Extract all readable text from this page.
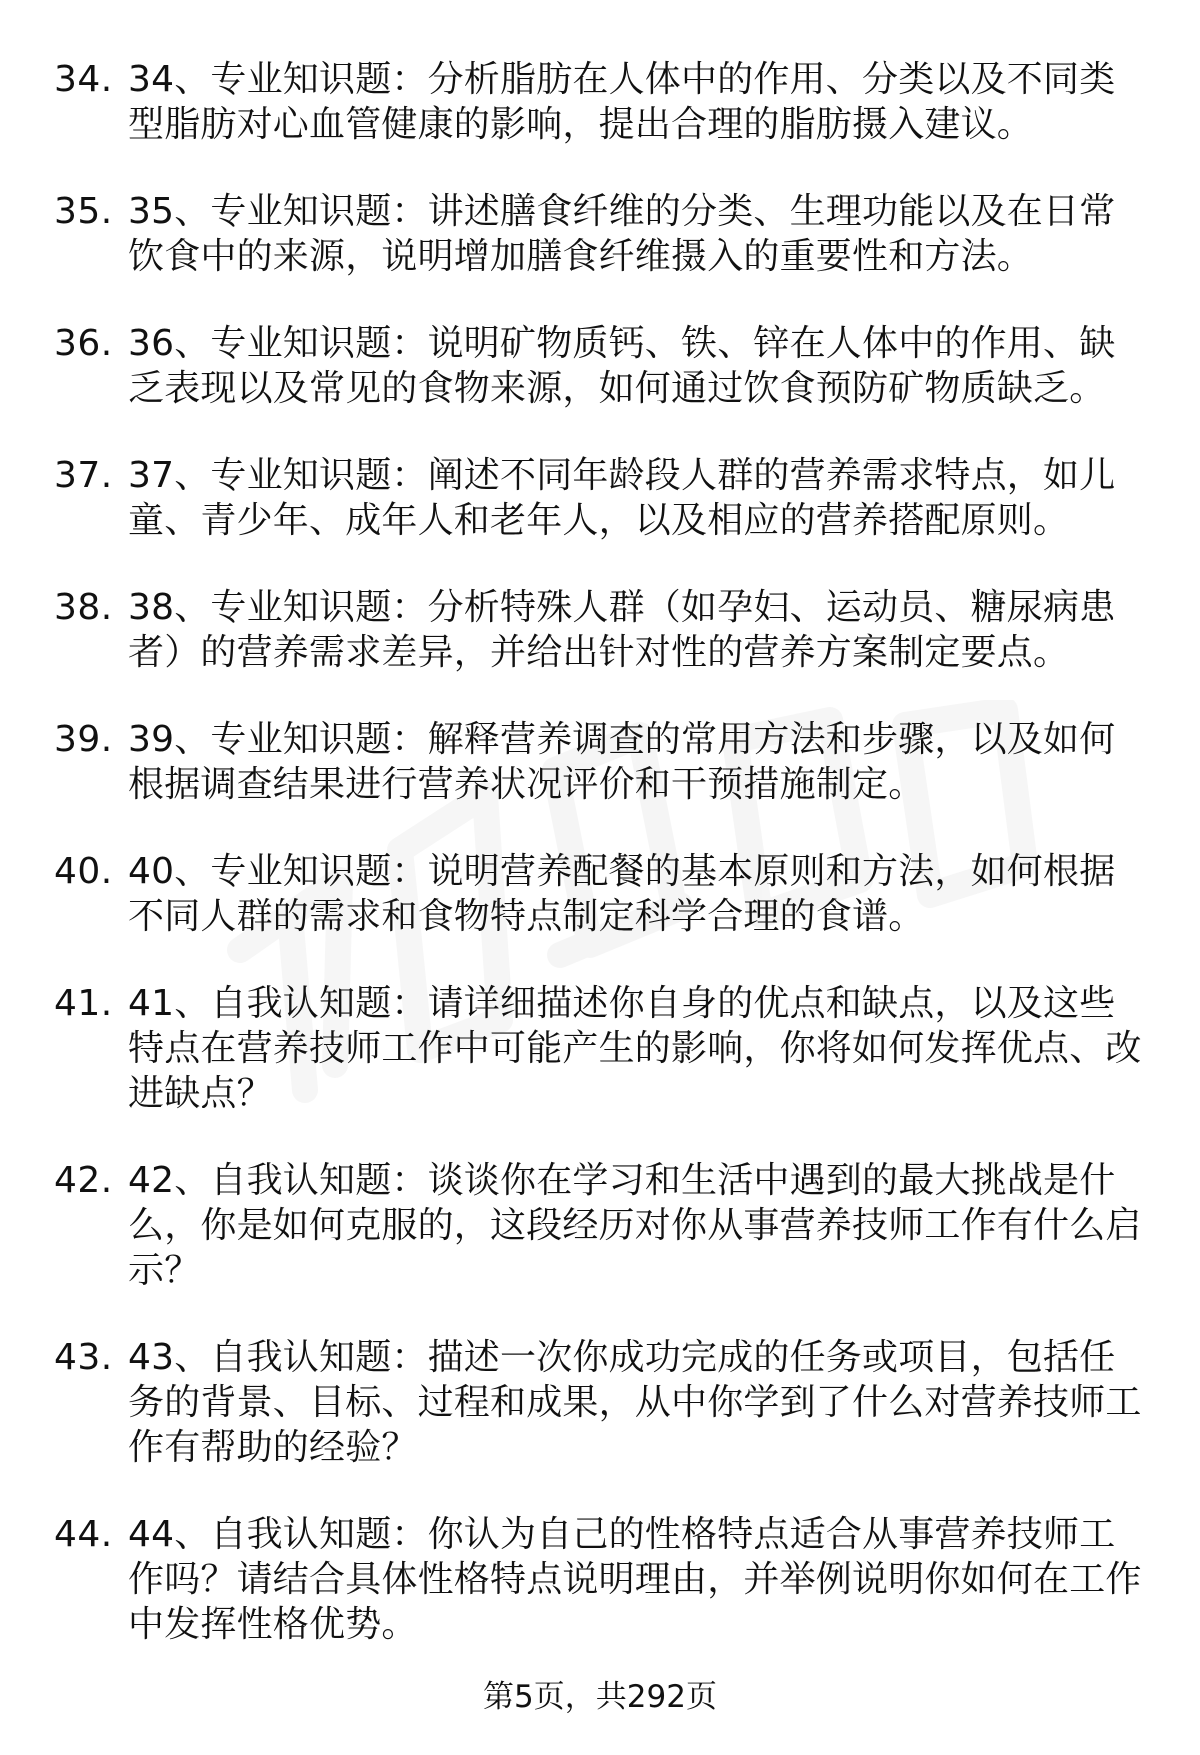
34. 34、专业知识题：分析脂肪在人体中的作用、分类以及不同类型脂肪对心血管健康的影响，提出合理的脂肪摄入建议。
35. 35、专业知识题：讲述膳食纤维的分类、生理功能以及在日常饮食中的来源，说明增加膳食纤维摄入的重要性和方法。
36. 36、专业知识题：说明矿物质钙、铁、锌在人体中的作用、缺乏表现以及常见的食物来源，如何通过饮食预防矿物质缺乏。
37. 37、专业知识题：阐述不同年龄段人群的营养需求特点，如儿童、青少年、成年人和老年人，以及相应的营养搭配原则。
38. 38、专业知识题：分析特殊人群（如孕妇、运动员、糖尿病患者）的营养需求差异，并给出针对性的营养方案制定要点。
39. 39、专业知识题：解释营养调查的常用方法和步骤，以及如何根据调查结果进行营养状况评价和干预措施制定。
40. 40、专业知识题：说明营养配餐的基本原则和方法，如何根据不同人群的需求和食物特点制定科学合理的食谱。
41. 41、自我认知题：请详细描述你自身的优点和缺点，以及这些特点在营养技师工作中可能产生的影响，你将如何发挥优点、改进缺点？
42. 42、自我认知题：谈谈你在学习和生活中遇到的最大挑战是什么，你是如何克服的，这段经历对你从事营养技师工作有什么启示？
43. 43、自我认知题：描述一次你成功完成的任务或项目，包括任务的背景、目标、过程和成果，从中你学到了什么对营养技师工作有帮助的经验？
44. 44、自我认知题：你认为自己的性格特点适合从事营养技师工作吗？请结合具体性格特点说明理由，并举例说明你如何在工作中发挥性格优势。
第5页，共292页
